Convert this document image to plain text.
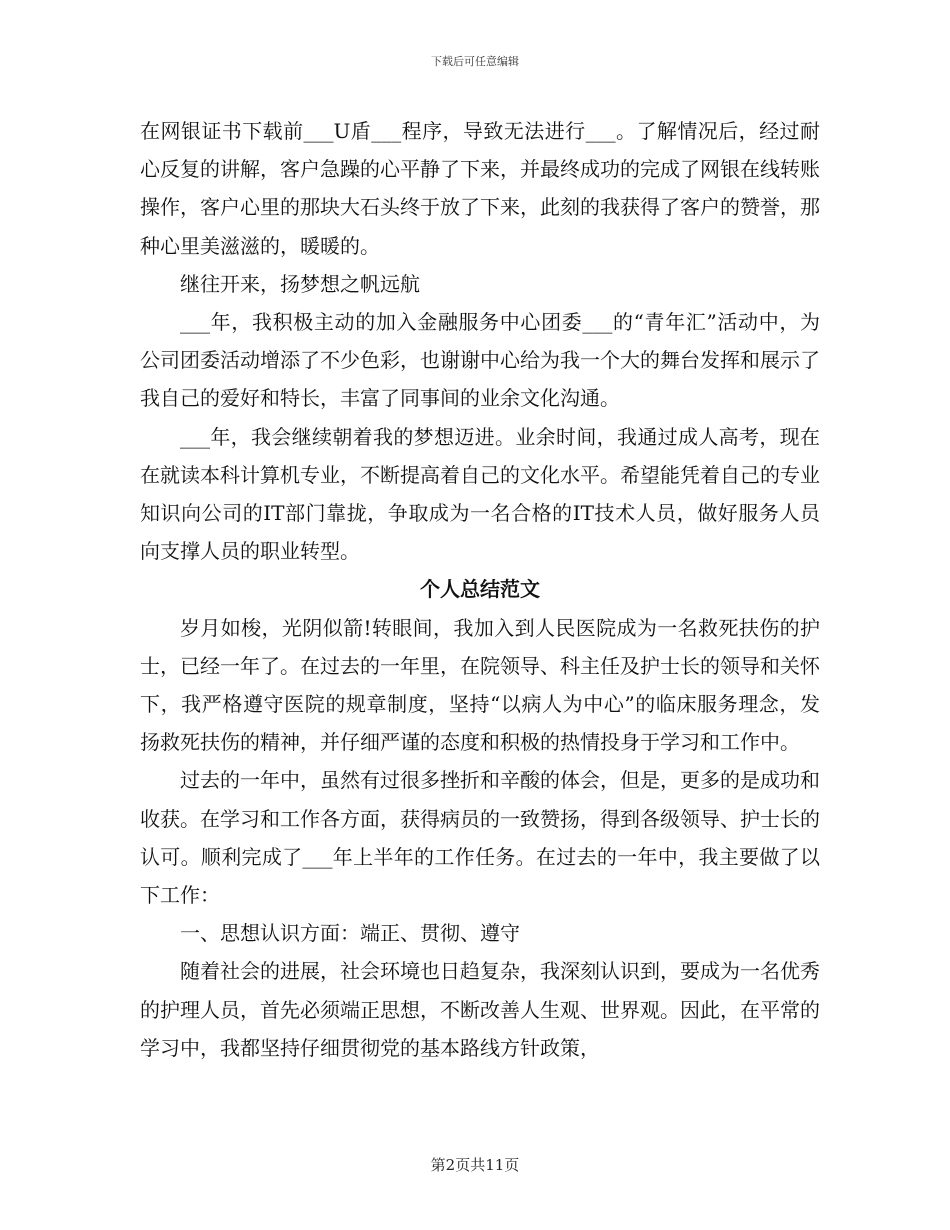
下载后可任意编辑

在网银证书下载前___U盾___程序，导致无法进行___。了解情况后，经过耐心反复的讲解，客户急躁的心平静了下来，并最终成功的完成了网银在线转账操作，客户心里的那块大石头终于放了下来，此刻的我获得了客户的赞誉，那种心里美滋滋的，暖暖的。

继往开来，扬梦想之帆远航

___年，我积极主动的加入金融服务中心团委___的“青年汇”活动中，为公司团委活动增添了不少色彩，也谢谢中心给为我一个大的舞台发挥和展示了我自己的爱好和特长，丰富了同事间的业余文化沟通。

___年，我会继续朝着我的梦想迈进。业余时间，我通过成人高考，现在在就读本科计算机专业，不断提高着自己的文化水平。希望能凭着自己的专业知识向公司的IT部门靠拢，争取成为一名合格的IT技术人员，做好服务人员向支撑人员的职业转型。

个人总结范文

岁月如梭，光阴似箭!转眼间，我加入到人民医院成为一名救死扶伤的护士，已经一年了。在过去的一年里，在院领导、科主任及护士长的领导和关怀下，我严格遵守医院的规章制度，坚持“以病人为中心”的临床服务理念，发扬救死扶伤的精神，并仔细严谨的态度和积极的热情投身于学习和工作中。

过去的一年中，虽然有过很多挫折和辛酸的体会，但是，更多的是成功和收获。在学习和工作各方面，获得病员的一致赞扬，得到各级领导、护士长的认可。顺利完成了___年上半年的工作任务。在过去的一年中，我主要做了以下工作：

一、思想认识方面：端正、贯彻、遵守

随着社会的进展，社会环境也日趋复杂，我深刻认识到，要成为一名优秀的护理人员，首先必须端正思想，不断改善人生观、世界观。因此，在平常的学习中，我都坚持仔细贯彻党的基本路线方针政策，

第2页共11页
